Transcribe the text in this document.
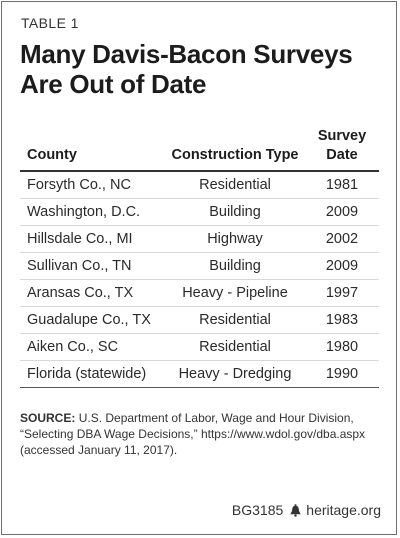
TABLE 1
Many Davis-Bacon Surveys
Are Out of Date
County	Construction Type	Survey
Date

Forsyth Co., NC	Residential	1981
Washington, D.C.	Building	2009
Hillsdale Co., MI	Highway	2002
Sullivan Co., TN	Building	2009
Aransas Co., TX	Heavy - Pipeline	1997
Guadalupe Co., TX	Residential	1983
Aiken Co., SC	Residential	1980
Florida (statewide)	Heavy - Dredging	1990
SOURCE: U.S. Department of Labor, Wage and Hour Division, “Selecting DBA Wage Decisions,” https://www.wdol.gov/dba.aspx (accessed January 11, 2017).
BG3185 heritage.org
